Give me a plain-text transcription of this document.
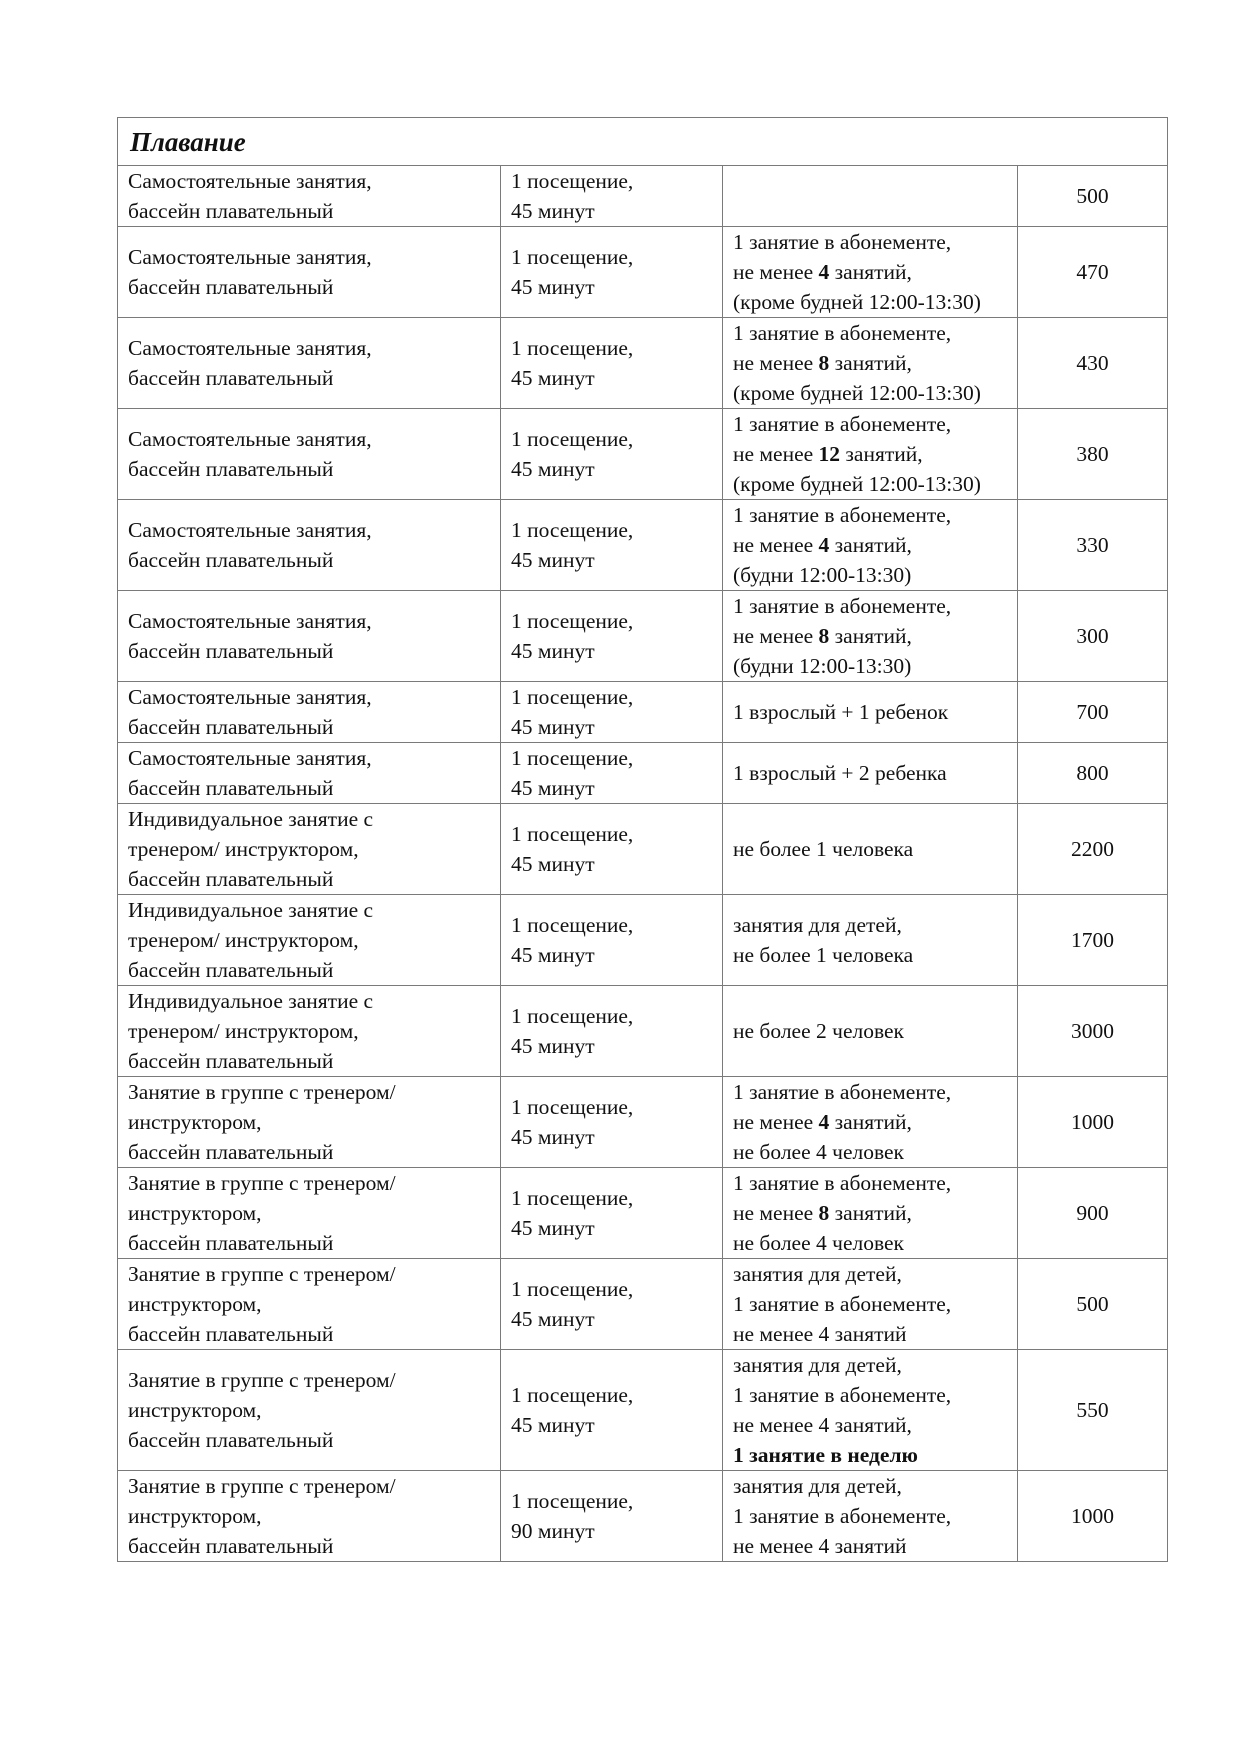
Плавание			

Самостоятельные занятия,
бассейн плавательный	1 посещение,
45 минут		500

Самостоятельные занятия,
бассейн плавательный	1 посещение,
45 минут	1 занятие в абонементе,
не менее 4 занятий,
(кроме будней 12:00-13:30)	470

Самостоятельные занятия,
бассейн плавательный	1 посещение,
45 минут	1 занятие в абонементе,
не менее 8 занятий,
(кроме будней 12:00-13:30)	430

Самостоятельные занятия,
бассейн плавательный	1 посещение,
45 минут	1 занятие в абонементе,
не менее 12 занятий,
(кроме будней 12:00-13:30)	380

Самостоятельные занятия,
бассейн плавательный	1 посещение,
45 минут	1 занятие в абонементе,
не менее 4 занятий,
(будни 12:00-13:30)	330

Самостоятельные занятия,
бассейн плавательный	1 посещение,
45 минут	1 занятие в абонементе,
не менее 8 занятий,
(будни 12:00-13:30)	300

Самостоятельные занятия,
бассейн плавательный	1 посещение,
45 минут	1 взрослый + 1 ребенок	700

Самостоятельные занятия,
бассейн плавательный	1 посещение,
45 минут	1 взрослый + 2 ребенка	800

Индивидуальное занятие с
тренером/ инструктором,
бассейн плавательный	1 посещение,
45 минут	не более 1 человека	2200

Индивидуальное занятие с
тренером/ инструктором,
бассейн плавательный	1 посещение,
45 минут	занятия для детей,
не более 1 человека	1700

Индивидуальное занятие с
тренером/ инструктором,
бассейн плавательный	1 посещение,
45 минут	не более 2 человек	3000

Занятие в группе с тренером/
инструктором,
бассейн плавательный	1 посещение,
45 минут	1 занятие в абонементе,
не менее 4 занятий,
не более 4 человек	1000

Занятие в группе с тренером/
инструктором,
бассейн плавательный	1 посещение,
45 минут	1 занятие в абонементе,
не менее 8 занятий,
не более 4 человек	900

Занятие в группе с тренером/
инструктором,
бассейн плавательный	1 посещение,
45 минут	занятия для детей,
1 занятие в абонементе,
не менее 4 занятий	500

Занятие в группе с тренером/
инструктором,
бассейн плавательный	1 посещение,
45 минут	занятия для детей,
1 занятие в абонементе,
не менее 4 занятий,
1 занятие в неделю	550

Занятие в группе с тренером/
инструктором,
бассейн плавательный	1 посещение,
90 минут	занятия для детей,
1 занятие в абонементе,
не менее 4 занятий	1000
